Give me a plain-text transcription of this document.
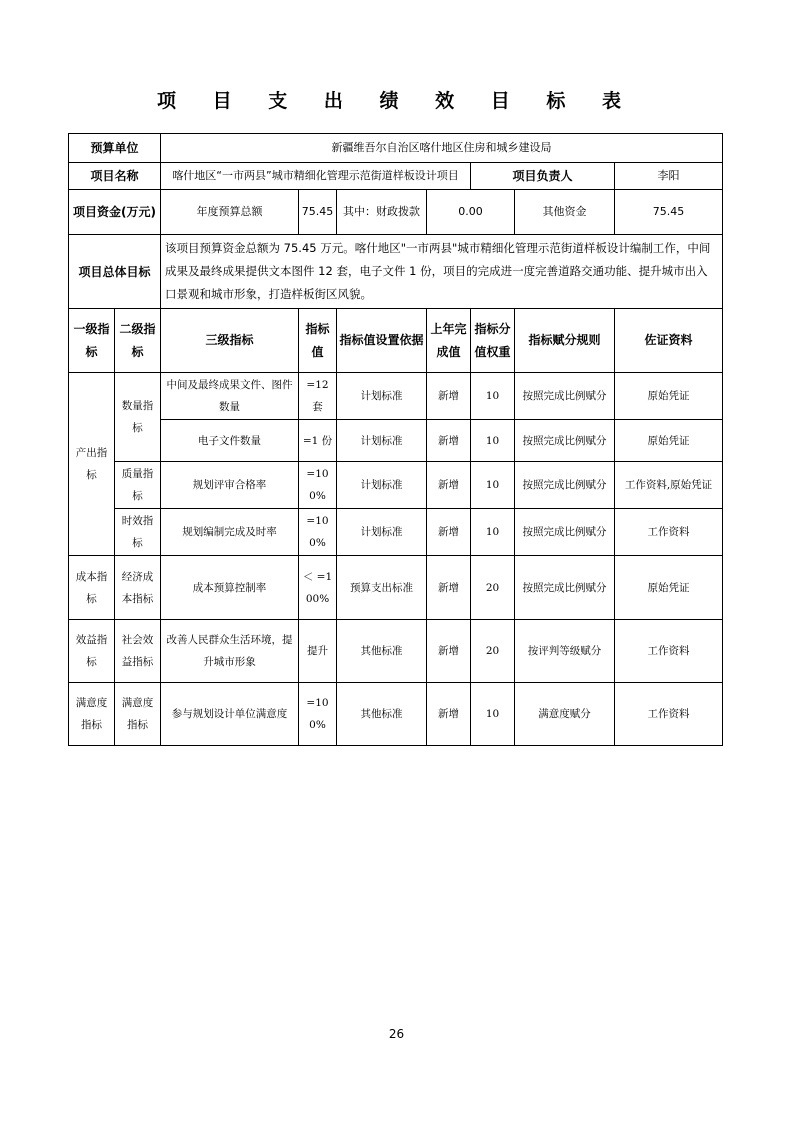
项 目 支 出 绩 效 目 标 表
预算单位		新疆维吾尔自治区喀什地区住房和城乡建设局						
项目名称		喀什地区“一市两县”城市精细化管理示范街道样板设计项目				项目负责人		李阳
项目资金(万元)		年度预算总额	75.45	其中：财政拨款	0.00		其他资金	75.45
项目总体目标		该项目预算资金总额为 75.45 万元。喀什地区"一市两县"城市精细化管理示范街道样板设计编制工作，中间成果及最终成果提供文本图件 12 套，电子文件 1 份，项目的完成进一度完善道路交通功能、提升城市出入口景观和城市形象，打造样板街区风貌。						
一级指标	二级指标	三级指标	指标值	指标值设置依据	上年完成值	指标分值权重	指标赋分规则	佐证资料
产出指标	数量指标	中间及最终成果文件、图件数量	=12 套	计划标准	新增	10	按照完成比例赋分	原始凭证
		电子文件数量	=1 份	计划标准	新增	10	按照完成比例赋分	原始凭证
	质量指标	规划评审合格率	=100%	计划标准	新增	10	按照完成比例赋分	工作资料,原始凭证
	时效指标	规划编制完成及时率	=100%	计划标准	新增	10	按照完成比例赋分	工作资料
成本指标	经济成本指标	成本预算控制率	＜ =100%	预算支出标准	新增	20	按照完成比例赋分	原始凭证
效益指标	社会效益指标	改善人民群众生活环境，提升城市形象	提升	其他标准	新增	20	按评判等级赋分	工作资料
满意度指标	满意度指标	参与规划设计单位满意度	=100%	其他标准	新增	10	满意度赋分	工作资料
26
